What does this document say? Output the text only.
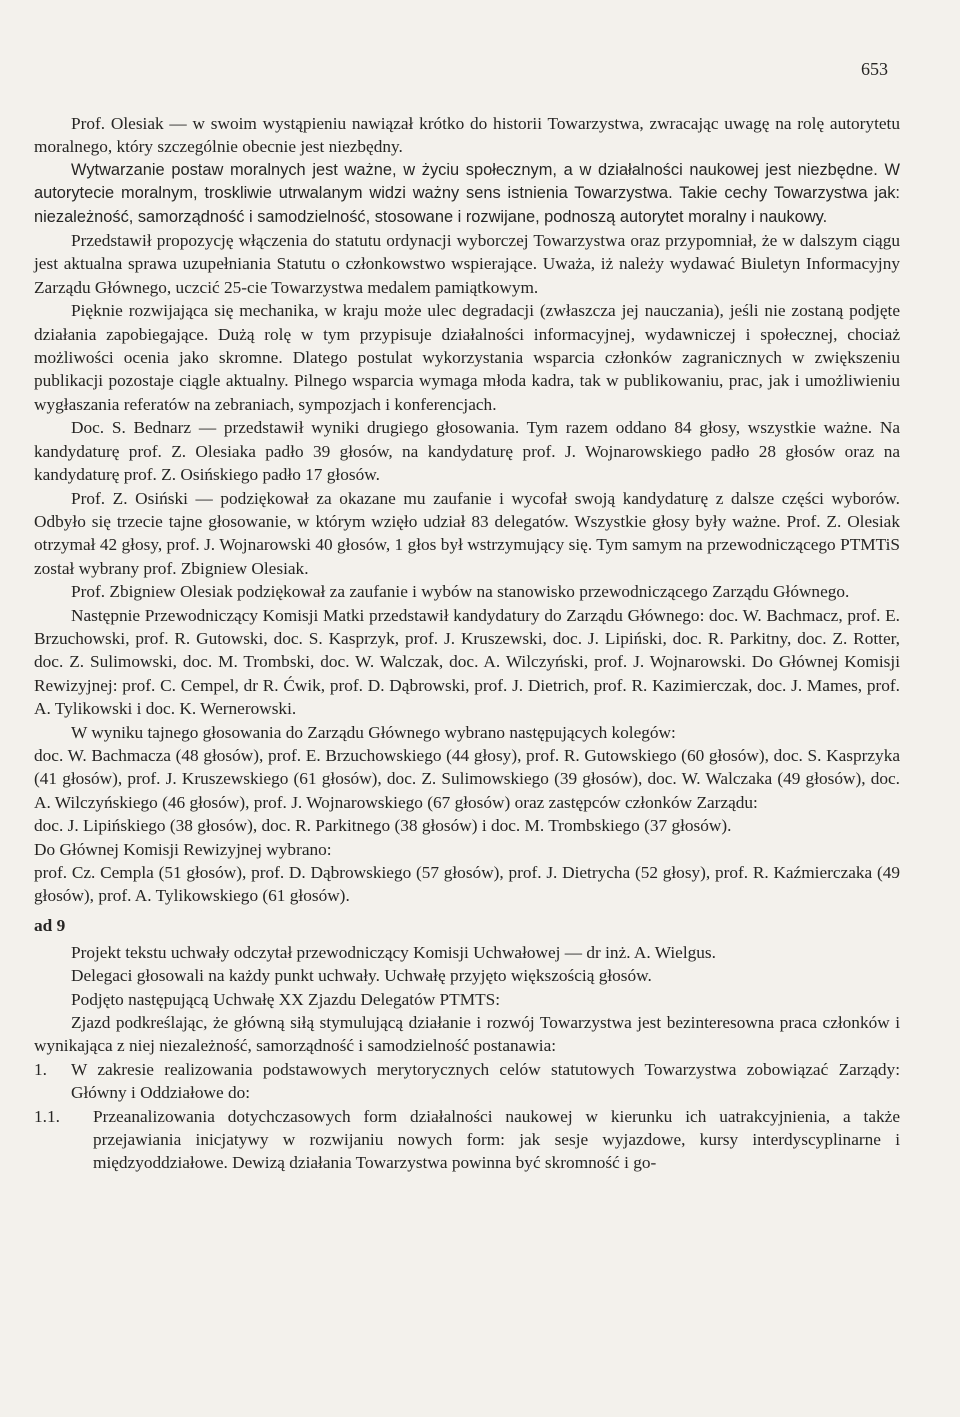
653

Prof. Olesiak — w swoim wystąpieniu nawiązał krótko do historii Towarzystwa, zwracając uwagę na rolę autorytetu moralnego, który szczególnie obecnie jest niezbędny.

Wytwarzanie postaw moralnych jest ważne, w życiu społecznym, a w działalności naukowej jest niezbędne. W autorytecie moralnym, troskliwie utrwalanym widzi ważny sens istnienia Towarzystwa. Takie cechy Towarzystwa jak: niezależność, samorządność i samodzielność, stosowane i rozwijane, podnoszą autorytet moralny i naukowy.

Przedstawił propozycję włączenia do statutu ordynacji wyborczej Towarzystwa oraz przypomniał, że w dalszym ciągu jest aktualna sprawa uzupełniania Statutu o członkowstwo wspierające. Uważa, iż należy wydawać Biuletyn Informacyjny Zarządu Głównego, uczcić 25-cie Towarzystwa medalem pamiątkowym.

Pięknie rozwijająca się mechanika, w kraju może ulec degradacji (zwłaszcza jej nauczania), jeśli nie zostaną podjęte działania zapobiegające. Dużą rolę w tym przypisuje działalności informacyjnej, wydawniczej i społecznej, chociaż możliwości ocenia jako skromne. Dlatego postulat wykorzystania wsparcia członków zagranicznych w zwiększeniu publikacji pozostaje ciągle aktualny. Pilnego wsparcia wymaga młoda kadra, tak w publikowaniu, prac, jak i umożliwieniu wygłaszania referatów na zebraniach, sympozjach i konferencjach.

Doc. S. Bednarz — przedstawił wyniki drugiego głosowania. Tym razem oddano 84 głosy, wszystkie ważne. Na kandydaturę prof. Z. Olesiaka padło 39 głosów, na kandydaturę prof. J. Wojnarowskiego padło 28 głosów oraz na kandydaturę prof. Z. Osińskiego padło 17 głosów.

Prof. Z. Osiński — podziękował za okazane mu zaufanie i wycofał swoją kandydaturę z dalsze części wyborów. Odbyło się trzecie tajne głosowanie, w którym wzięło udział 83 delegatów. Wszystkie głosy były ważne. Prof. Z. Olesiak otrzymał 42 głosy, prof. J. Wojnarowski 40 głosów, 1 głos był wstrzymujący się. Tym samym na przewodniczącego PTMTiS został wybrany prof. Zbigniew Olesiak.

Prof. Zbigniew Olesiak podziękował za zaufanie i wybów na stanowisko przewodniczącego Zarządu Głównego.

Następnie Przewodniczący Komisji Matki przedstawił kandydatury do Zarządu Głównego: doc. W. Bachmacz, prof. E. Brzuchowski, prof. R. Gutowski, doc. S. Kasprzyk, prof. J. Kruszewski, doc. J. Lipiński, doc. R. Parkitny, doc. Z. Rotter, doc. Z. Sulimowski, doc. M. Trombski, doc. W. Walczak, doc. A. Wilczyński, prof. J. Wojnarowski. Do Głównej Komisji Rewizyjnej: prof. C. Cempel, dr R. Ćwik, prof. D. Dąbrowski, prof. J. Dietrich, prof. R. Kazimierczak, doc. J. Mames, prof. A. Tylikowski i doc. K. Wernerowski.

W wyniku tajnego głosowania do Zarządu Głównego wybrano następujących kolegów:

doc. W. Bachmacza (48 głosów), prof. E. Brzuchowskiego (44 głosy), prof. R. Gutowskiego (60 głosów), doc. S. Kasprzyka (41 głosów), prof. J. Kruszewskiego (61 głosów), doc. Z. Sulimowskiego (39 głosów), doc. W. Walczaka (49 głosów), doc. A. Wilczyńskiego (46 głosów), prof. J. Wojnarowskiego (67 głosów) oraz zastępców członków Zarządu:

doc. J. Lipińskiego (38 głosów), doc. R. Parkitnego (38 głosów) i doc. M. Trombskiego (37 głosów).

Do Głównej Komisji Rewizyjnej wybrano:

prof. Cz. Cempla (51 głosów), prof. D. Dąbrowskiego (57 głosów), prof. J. Dietrycha (52 głosy), prof. R. Kaźmierczaka (49 głosów), prof. A. Tylikowskiego (61 głosów).

ad 9

Projekt tekstu uchwały odczytał przewodniczący Komisji Uchwałowej — dr inż. A. Wielgus.

Delegaci głosowali na każdy punkt uchwały. Uchwałę przyjęto większością głosów.

Podjęto następującą Uchwałę XX Zjazdu Delegatów PTMTS:

Zjazd podkreślając, że główną siłą stymulującą działanie i rozwój Towarzystwa jest bezinteresowna praca członków i wynikająca z niej niezależność, samorządność i samodzielność postanawia:

1. W zakresie realizowania podstawowych merytorycznych celów statutowych Towarzystwa zobowiązać Zarządy: Główny i Oddziałowe do:

1.1. Przeanalizowania dotychczasowych form działalności naukowej w kierunku ich uatrakcyjnienia, a także przejawiania inicjatywy w rozwijaniu nowych form: jak sesje wyjazdowe, kursy interdyscyplinarne i międzyoddziałowe. Dewizą działania Towarzystwa powinna być skromność i go-
